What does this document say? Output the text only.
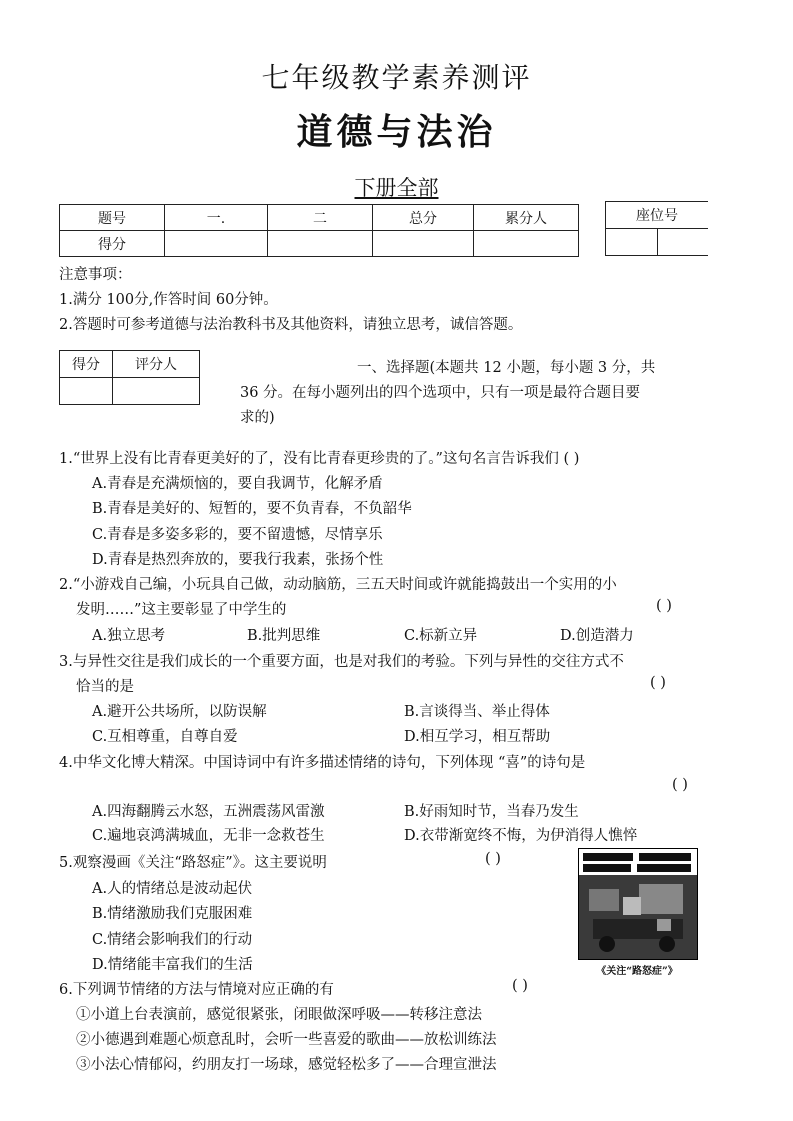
七年级教学素养测评
道德与法治
下册全部
题号	一.	二	总分	累分人
得分				
座位号

注意事项：
1.满分 100分,作答时间 60分钟。
2.答题时可参考道德与法治教科书及其他资料，请独立思考，诚信答题。
得分	评分人
		一、选择题(本题共 12 小题，每小题 3 分，共
36 分。在每小题列出的四个选项中，只有一项是最符合题目要
求的)
1.“世界上没有比青春更美好的了，没有比青春更珍贵的了。”这句名言告诉我们 ( )
A.青春是充满烦恼的，要自我调节，化解矛盾
B.青春是美好的、短暂的，要不负青春，不负韶华
C.青春是多姿多彩的，要不留遗憾，尽情享乐
D.青春是热烈奔放的，要我行我素，张扬个性
2.“小游戏自己编，小玩具自己做，动动脑筋，三五天时间或许就能捣鼓出一个实用的小
发明……”这主要彰显了中学生的	( )
A.独立思考	B.批判思维	C.标新立异	D.创造潜力
3.与异性交往是我们成长的一个重要方面，也是对我们的考验。下列与异性的交往方式不
恰当的是	( )
A.避开公共场所，以防误解	B.言谈得当、举止得体
C.互相尊重，自尊自爱	D.相互学习，相互帮助
4.中华文化博大精深。中国诗词中有许多描述情绪的诗句，下列体现 “喜”的诗句是
( )
A.四海翻腾云水怒，五洲震荡风雷激	B.好雨知时节，当春乃发生
C.遍地哀鸿满城血，无非一念救苍生	D.衣带渐宽终不悔，为伊消得人憔悴
5.观察漫画《关注“路怒症”》。这主要说明	( )
A.人的情绪总是波动起伏
B.情绪激励我们克服困难
C.情绪会影响我们的行动
D.情绪能丰富我们的生活	《关注“路怒症”》
6.下列调节情绪的方法与情境对应正确的有	( )
①小道上台表演前，感觉很紧张，闭眼做深呼吸——转移注意法
②小德遇到难题心烦意乱时，会听一些喜爱的歌曲——放松训练法
③小法心情郁闷，约朋友打一场球，感觉轻松多了——合理宣泄法
